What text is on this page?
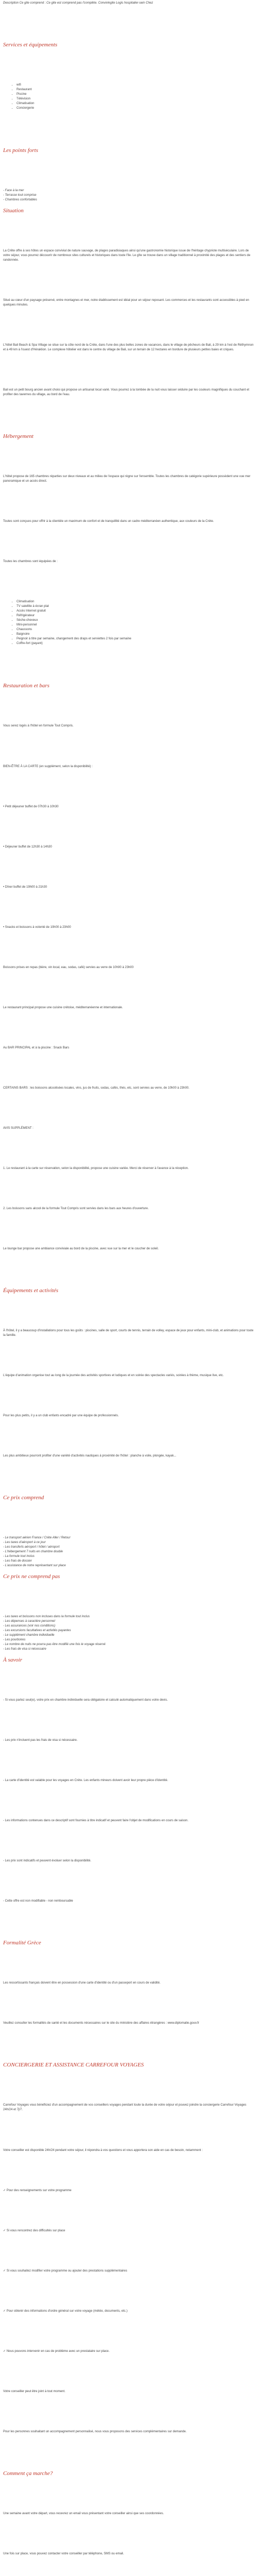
Description Ce gite comprend : Ce gite est comprend pas l'complète. Convivingite Logis hospitalier-sein Chez

Services et équipements
• wifi
• Restaurant
• Piscine
• Télévision
• Climatisation
• Conciergerie
Les points forts
- Face à la mer
- Terrasse tout comprise
- Chambres confortables
Situation

La Crête offre à ses hôtes un espace convivial de nature sauvage, de plages paradisiaques ainsi qu'une gastronomie historique issue de l'héritage chypriote multiséculaire. Lors de votre séjour, vous pourrez découvrir de nombreux sites culturels et historiques dans toute l'île. Le gîte se trouve dans un village traditionnel à proximité des plages et des sentiers de randonnée.

Situé au cœur d'un paysage préservé, entre montagnes et mer, notre établissement est idéal pour un séjour reposant. Les commerces et les restaurants sont accessibles à pied en quelques minutes.

L'hôtel Bali Beach & Spa Village se situe sur la côte nord de la Crète, dans l'une des plus belles zones de vacances, dans le village de pêcheurs de Bali, à 29 km à l'est de Réthymnon et à 49 km à l'ouest d'Héraklion. Le complexe hôtelier est dans le centre du village de Bali, sur un terrain de 12 hectares en bordure de plusieurs petites baies et criques.

Bali est un petit bourg ancien avant choisi qui propose un artisanat local varié. Vous pourrez à la tombée de la nuit vous laisser séduire par les couleurs magnifiques du couchant et profiter des tavernes du village, au bord de l'eau.

Hébergement

L'hôtel propose de 165 chambres réparties sur deux niveaux et au milieu de l'espace qui règne sur l'ensemble. Toutes les chambres de catégorie supérieure possèdent une vue mer panoramique et un accès direct.

Toutes sont conçues pour offrir à la clientèle un maximum de confort et de tranquillité dans un cadre méditerranéen authentique, aux couleurs de la Crète.

Toutes les chambres sont équipées de :

• Climatisation
• TV satellite à écran plat
• Accès Internet gratuit
• Réfrigérateur
• Sèche-cheveux
• Mini-personnel
• Chaussons
• Baignoire
• Peignoir à titre par semaine, changement des draps et serviettes 2 fois par semaine
• Coffre-fort (payant)
Restauration et bars

Vous serez logés à l'hôtel en formule Tout Compris.

BIEN-ÊTRE À LA CARTE (en supplément, selon la disponibilité) :

• Petit déjeuner buffet de 07h30 à 10h30

• Déjeuner buffet de 12h30 à 14h30

• Dîner buffet de 19h00 à 21h30

• Snacks et boissons à volonté de 10h00 à 23h00

Boissons prises en repas (bière, vin local, eau, sodas, café) servies au verre de 10h00 à 23h00

Le restaurant principal propose une cuisine crétoise, méditerranéenne et internationale.

Au BAR PRINCIPAL et à la piscine : Snack Bars

CERTAINS BARS : les boissons alcoolisées locales, vins, jus de fruits, sodas, cafés, thés, etc, sont servies au verre, de 10h00 à 23h00.

AVIS SUPPLÉMENT :

1. Le restaurant à la carte sur réservation, selon la disponibilité, propose une cuisine variée. Merci de réserver à l'avance à la réception.

2. Les boissons sans alcool de la formule Tout Compris sont servies dans les bars aux heures d'ouverture.

Le lounge bar propose une ambiance conviviale au bord de la piscine, avec vue sur la mer et le coucher de soleil.

Équipements et activités

À l'hôtel, il y a beaucoup d'installations pour tous les goûts : piscines, salle de sport, courts de tennis, terrain de volley, espace de jeux pour enfants, mini-club, et animations pour toute la famille.

L'équipe d'animation organise tout au long de la journée des activités sportives et ludiques et en soirée des spectacles variés, soirées à thème, musique live, etc.

Pour les plus petits, il y a un club enfants encadré par une équipe de professionnels.

Les plus ambitieux pourront profiter d'une variété d'activités nautiques à proximité de l'hôtel : planche à voile, plongée, kayak...

Ce prix comprend
- Le transport aérien France / Crète Aller / Retour
- Les taxes d'aéroport à ce jour
- Les transferts aéroport / hôtel / aéroport
- L'hébergement 7 nuits en chambre double
- La formule tout inclus
- Les frais de dossier
- L'assistance de notre représentant sur place
Ce prix ne comprend pas
- Les taxes et boissons non incluses dans la formule tout inclus
- Les dépenses à caractère personnel
- Les assurances (voir nos conditions)
- Les excursions facultatives et activités payantes
- Le supplément chambre individuelle
- Les pourboires
- Le nombre de nuits ne pourra pas être modifié une fois le voyage réservé
- Les frais de visa si nécessaire
À savoir

- Si vous partez seul(e), votre prix en chambre individuelle sera obligatoire et calculé automatiquement dans votre devis.

- Les prix n'incluent pas les frais de visa si nécessaire.

- La carte d'identité est valable pour les voyages en Crète. Les enfants mineurs doivent avoir leur propre pièce d'identité.

- Les informations contenues dans ce descriptif sont fournies à titre indicatif et peuvent faire l'objet de modifications en cours de saison.

- Les prix sont indicatifs et peuvent évoluer selon la disponibilité.

- Cette offre est non modifiable - non remboursable

Formalité Grèce

Les ressortissants français doivent être en possession d'une carte d'identité ou d'un passeport en cours de validité.

Veuillez consulter les formalités de santé et les documents nécessaires sur le site du ministère des affaires étrangères : www.diplomatie.gouv.fr

CONCIERGERIE ET ASSISTANCE CARREFOUR VOYAGES

Carrefour Voyages vous bénéficiez d'un accompagnement de vos conseillers voyages pendant toute la durée de votre séjour et pouvez joindre la conciergerie Carrefour Voyages 24h/24 et 7j/7.

Votre conseiller est disponible 24h/24 pendant votre séjour, il répondra à vos questions et vous apportera son aide en cas de besoin, notamment :

✓ Pour des renseignements sur votre programme

✓ Si vous rencontrez des difficultés sur place

✓ Si vous souhaitez modifier votre programme ou ajouter des prestations supplémentaires

✓ Pour obtenir des informations d'ordre général sur votre voyage (météo, documents, etc.)

✓ Nous pouvons intervenir en cas de problème avec un prestataire sur place.

Votre conseiller peut être joint à tout moment.

Pour les personnes souhaitant un accompagnement personnalisé, nous vous proposons des services complémentaires sur demande.

Comment ça marche?

Une semaine avant votre départ, vous recevrez un email vous présentant votre conseiller ainsi que ses coordonnées.

Une fois sur place, vous pouvez contacter votre conseiller par téléphone, SMS ou email.
